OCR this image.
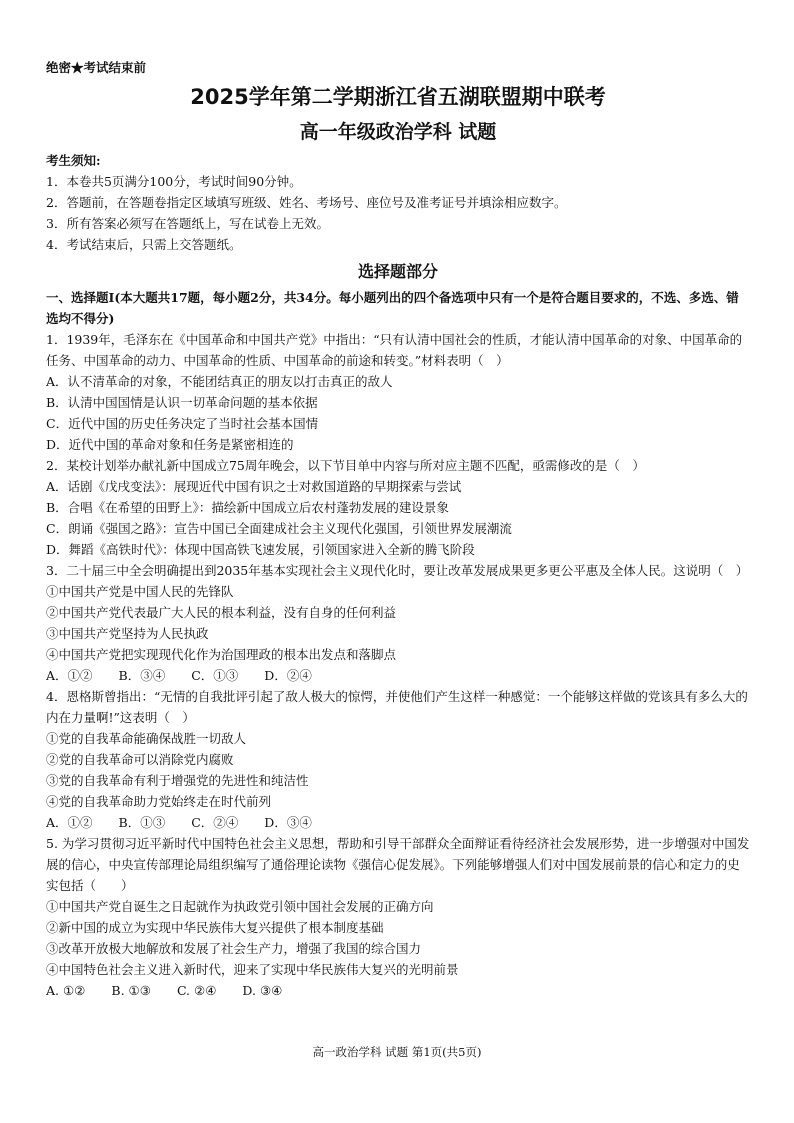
绝密★考试结束前
2025学年第二学期浙江省五湖联盟期中联考
高一年级政治学科 试题
考生须知:
1．本卷共5页满分100分，考试时间90分钟。
2．答题前，在答题卷指定区域填写班级、姓名、考场号、座位号及准考证号并填涂相应数字。
3．所有答案必须写在答题纸上，写在试卷上无效。
4．考试结束后，只需上交答题纸。
选择题部分
一、选择题Ⅰ(本大题共17题，每小题2分，共34分。每小题列出的四个备选项中只有一个是符合题目要求的，不选、多选、错选均不得分)
1．1939年，毛泽东在《中国革命和中国共产党》中指出：“只有认清中国社会的性质，才能认清中国革命的对象、中国革命的任务、中国革命的动力、中国革命的性质、中国革命的前途和转变。”材料表明（　）
A．认不清革命的对象，不能团结真正的朋友以打击真正的敌人
B．认清中国国情是认识一切革命问题的基本依据
C．近代中国的历史任务决定了当时社会基本国情
D．近代中国的革命对象和任务是紧密相连的
2．某校计划举办献礼新中国成立75周年晚会，以下节目单中内容与所对应主题不匹配，亟需修改的是（　）
A．话剧《戊戌变法》：展现近代中国有识之士对救国道路的早期探索与尝试
B．合唱《在希望的田野上》：描绘新中国成立后农村蓬勃发展的建设景象
C．朗诵《强国之路》：宣告中国已全面建成社会主义现代化强国，引领世界发展潮流
D．舞蹈《高铁时代》：体现中国高铁飞速发展，引领国家进入全新的腾飞阶段
3．二十届三中全会明确提出到2035年基本实现社会主义现代化时，要让改革发展成果更多更公平惠及全体人民。这说明（　）
①中国共产党是中国人民的先锋队
②中国共产党代表最广大人民的根本利益，没有自身的任何利益
③中国共产党坚持为人民执政
④中国共产党把实现现代化作为治国理政的根本出发点和落脚点
A．①② B．③④ C．①③ D．②④
4．恩格斯曾指出：“无情的自我批评引起了敌人极大的惊愕，并使他们产生这样一种感觉：一个能够这样做的党该具有多么大的内在力量啊!”这表明（　）
①党的自我革命能确保战胜一切敌人
②党的自我革命可以消除党内腐败
③党的自我革命有利于增强党的先进性和纯洁性
④党的自我革命助力党始终走在时代前列
A．①② B．①③ C．②④ D．③④
5. 为学习贯彻习近平新时代中国特色社会主义思想，帮助和引导干部群众全面辩证看待经济社会发展形势，进一步增强对中国发展的信心，中央宣传部理论局组织编写了通俗理论读物《强信心促发展》。下列能够增强人们对中国发展前景的信心和定力的史实包括（　　）
①中国共产党自诞生之日起就作为执政党引领中国社会发展的正确方向
②新中国的成立为实现中华民族伟大复兴提供了根本制度基础
③改革开放极大地解放和发展了社会生产力，增强了我国的综合国力
④中国特色社会主义进入新时代，迎来了实现中华民族伟大复兴的光明前景
A. ①② B. ①③ C. ②④ D. ③④
高一政治学科 试题 第1页(共5页)
